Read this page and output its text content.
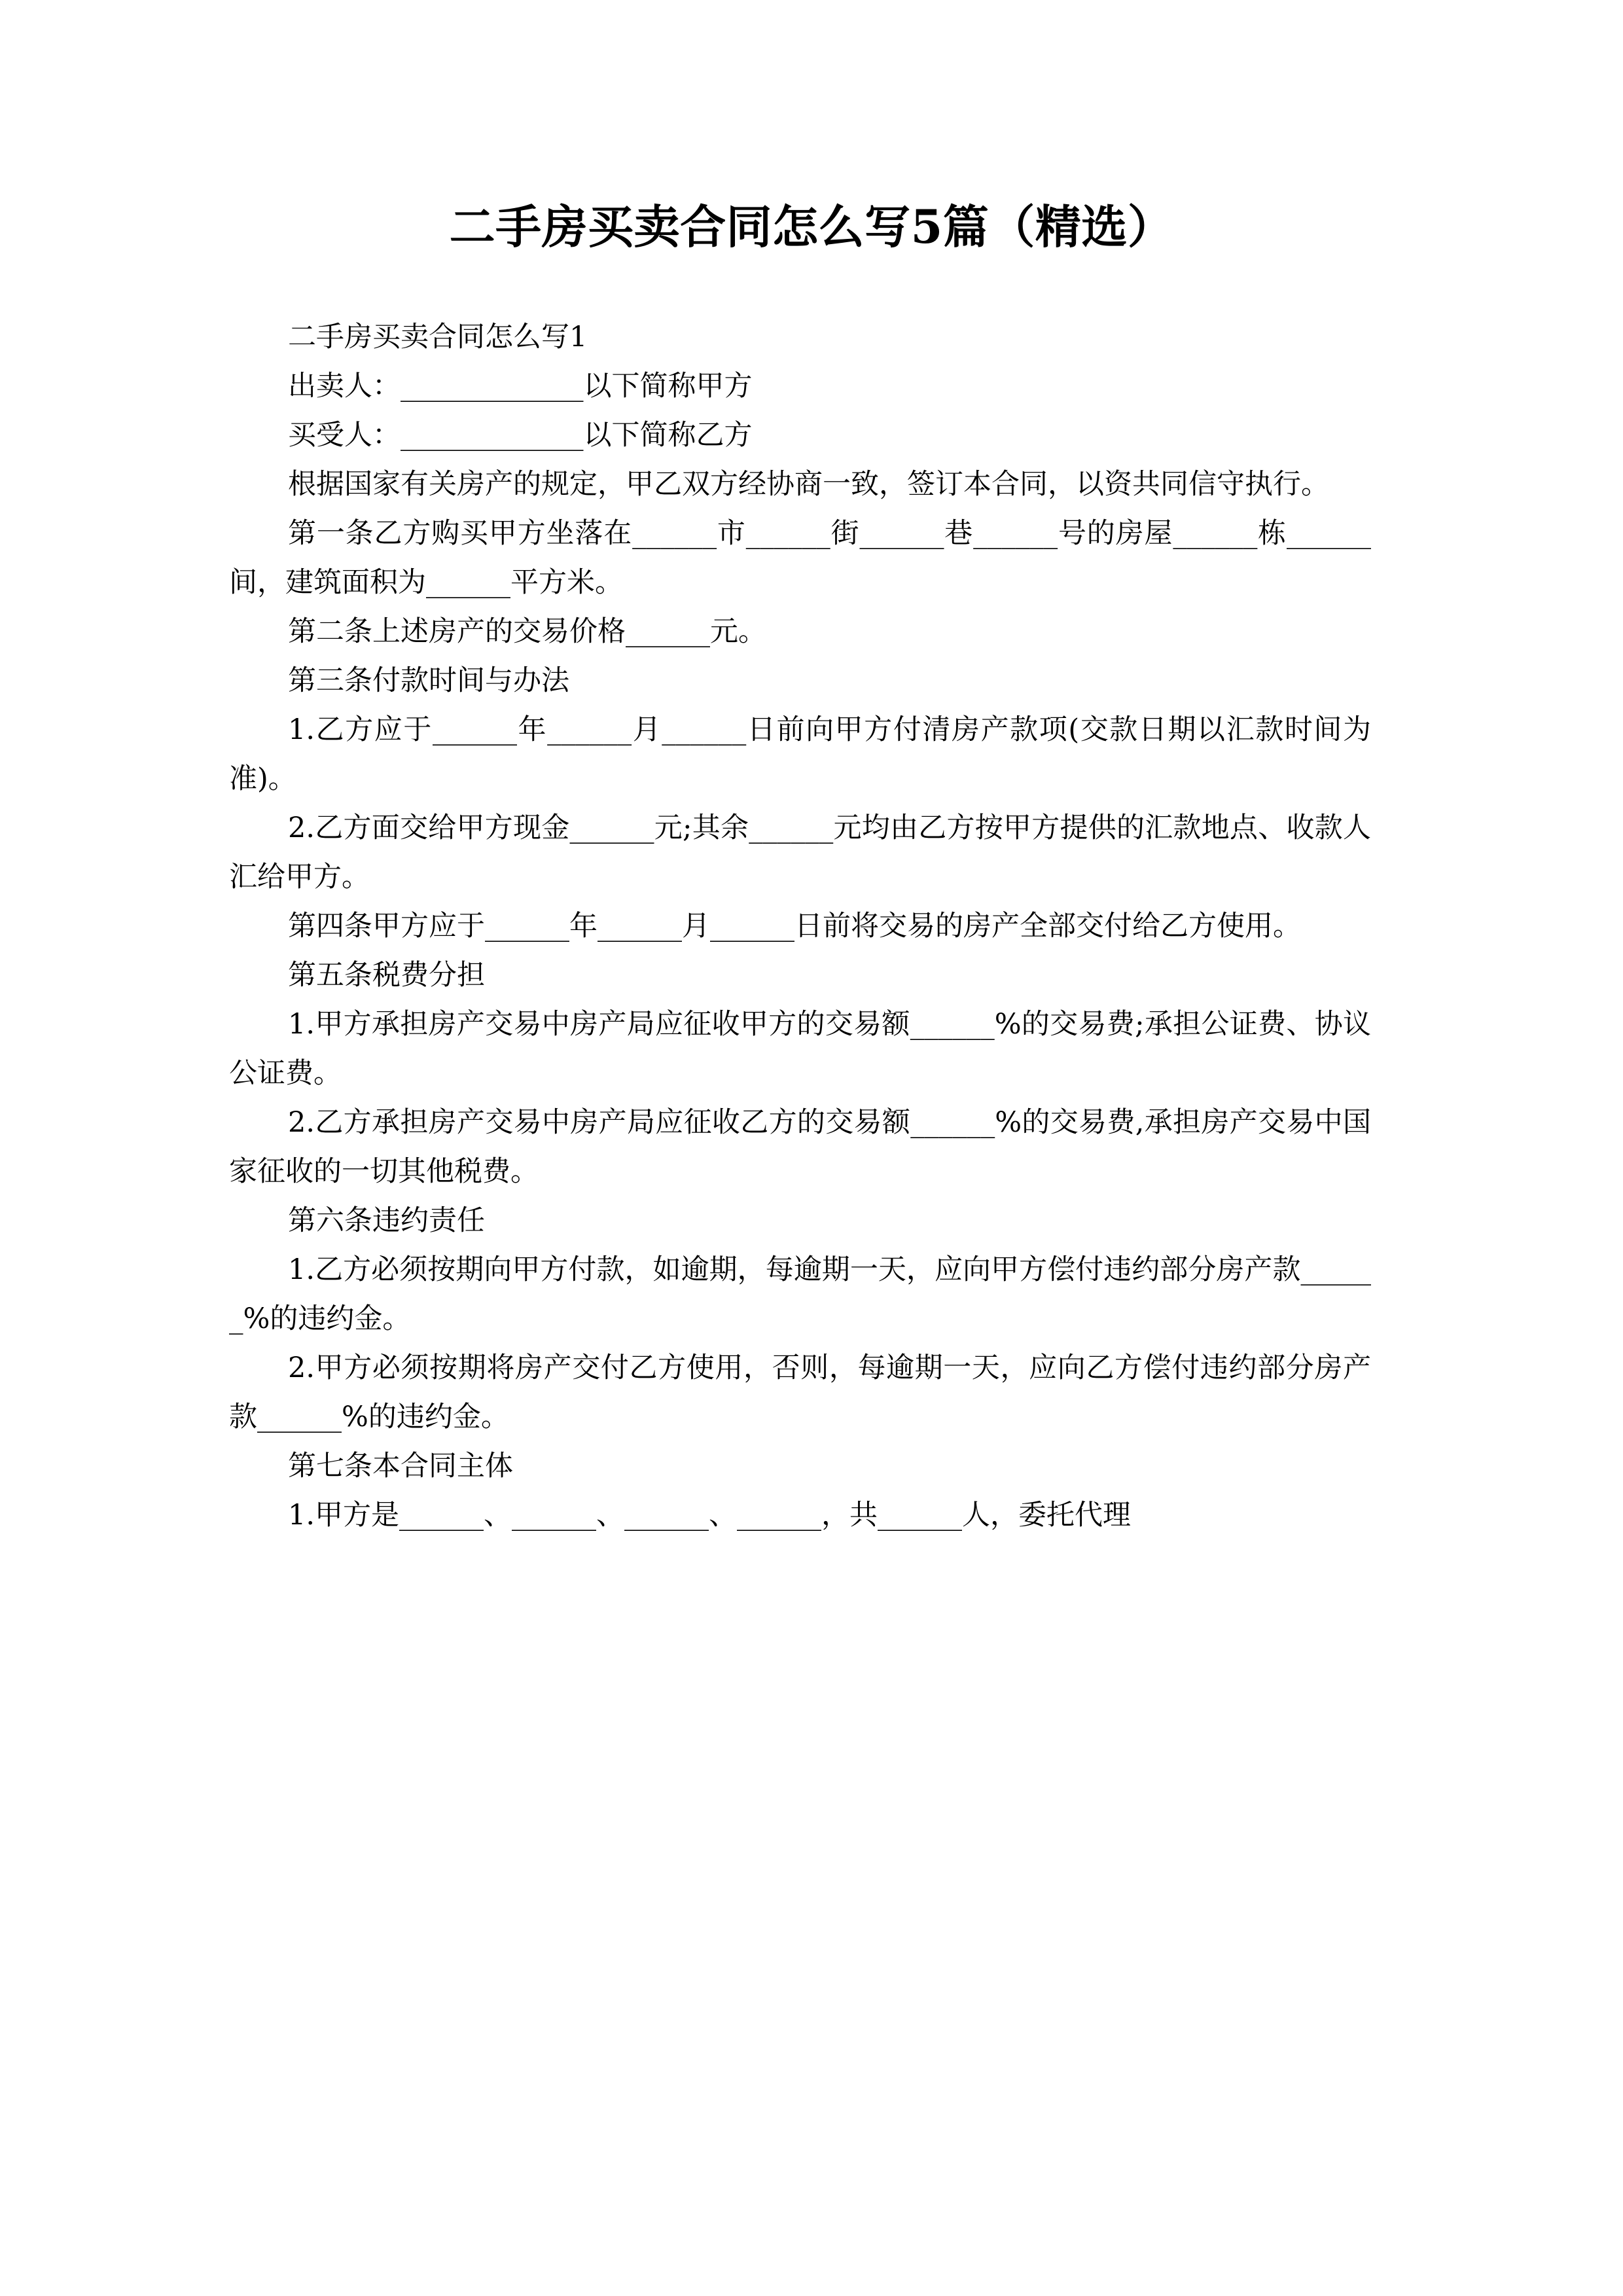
二手房买卖合同怎么写5篇（精选）

二手房买卖合同怎么写1

出卖人：_____________以下简称甲方

买受人：_____________以下简称乙方

根据国家有关房产的规定，甲乙双方经协商一致，签订本合同，以资共同信守执行。

第一条乙方购买甲方坐落在______市______街______巷______号的房屋______栋______间，建筑面积为______平方米。

第二条上述房产的交易价格______元。

第三条付款时间与办法

1.乙方应于______年______月______日前向甲方付清房产款项(交款日期以汇款时间为准)。

2.乙方面交给甲方现金______元;其余______元均由乙方按甲方提供的汇款地点、收款人汇给甲方。

第四条甲方应于______年______月______日前将交易的房产全部交付给乙方使用。

第五条税费分担

1.甲方承担房产交易中房产局应征收甲方的交易额______%的交易费;承担公证费、协议公证费。

2.乙方承担房产交易中房产局应征收乙方的交易额______%的交易费,承担房产交易中国家征收的一切其他税费。

第六条违约责任

1.乙方必须按期向甲方付款，如逾期，每逾期一天，应向甲方偿付违约部分房产款______%的违约金。

2.甲方必须按期将房产交付乙方使用，否则，每逾期一天，应向乙方偿付违约部分房产款______%的违约金。

第七条本合同主体

1.甲方是______、______、______、______，共______人，委托代理
